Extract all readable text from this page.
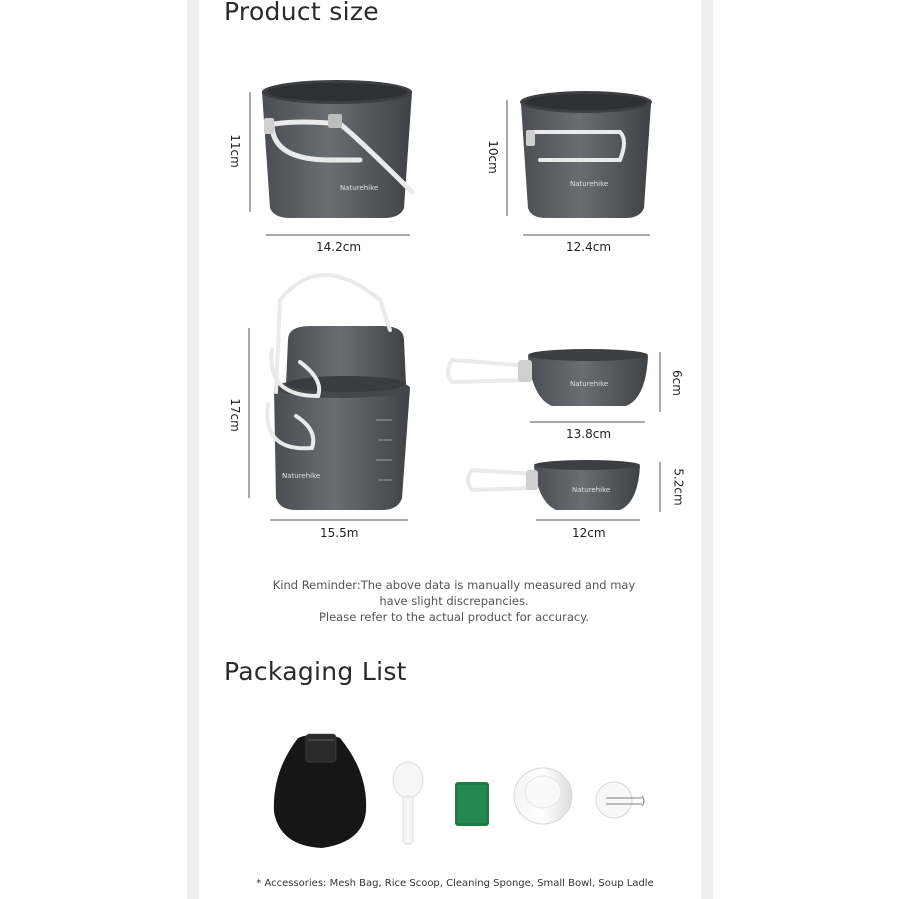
Product size
Packaging List
Naturehike	Naturehike
Naturehike
Naturehike
Naturehike
11cm
14.2cm
10cm
12.4cm
17cm
15.5m
6cm
13.8cm
5.2cm
12cm

Kind Reminder:The above data is manually measured and may

have slight discrepancies.

Please refer to the actual product for accuracy.

* Accessories: Mesh Bag, Rice Scoop, Cleaning Sponge, Small Bowl, Soup Ladle
